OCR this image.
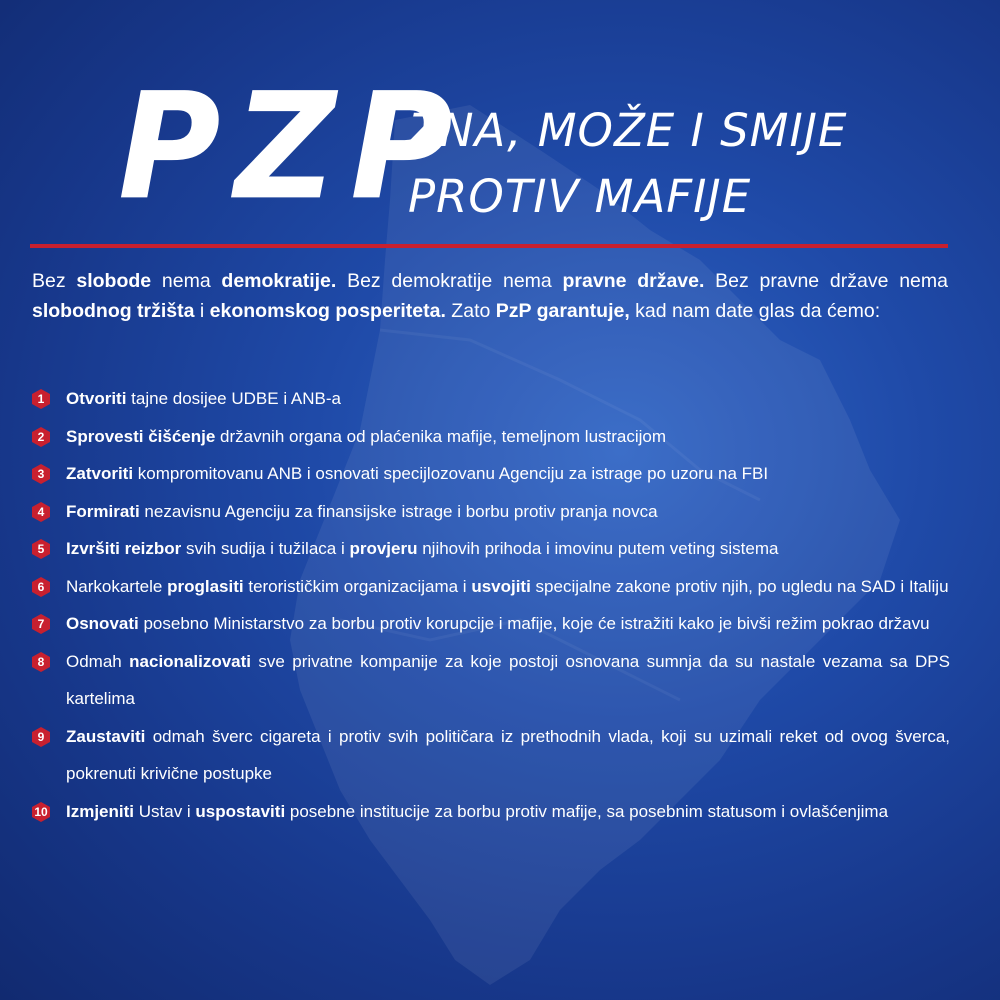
PZP
ZNA, MOŽE I SMIJE
PROTIV MAFIJE

Bez slobode nema demokratije. Bez demokratije nema pravne države. Bez pravne države nema slobodnog tržišta i ekonomskog posperiteta. Zato PzP garantuje, kad nam date glas da ćemo:

1 Otvoriti tajne dosijee UDBE i ANB-a
2 Sprovesti čišćenje državnih organa od plaćenika mafije, temeljnom lustracijom
3 Zatvoriti kompromitovanu ANB i osnovati specijlozovanu Agenciju za istrage po uzoru na FBI
4 Formirati nezavisnu Agenciju za finansijske istrage i borbu protiv pranja novca
5 Izvršiti reizbor svih sudija i tužilaca i provjeru njihovih prihoda i imovinu putem veting sistema
6 Narkokartele proglasiti terorističkim organizacijama i usvojiti specijalne zakone protiv njih, po ugledu na SAD i Italiju
7 Osnovati posebno Ministarstvo za borbu protiv korupcije i mafije, koje će istražiti kako je bivši režim pokrao državu
8 Odmah nacionalizovati sve privatne kompanije za koje postoji osnovana sumnja da su nastale vezama sa DPS kartelima
9 Zaustaviti odmah šverc cigareta i protiv svih političara iz prethodnih vlada, koji su uzimali reket od ovog šverca, pokrenuti krivične postupke
10 Izmjeniti Ustav i uspostaviti posebne institucije za borbu protiv mafije, sa posebnim statusom i ovlašćenjima
